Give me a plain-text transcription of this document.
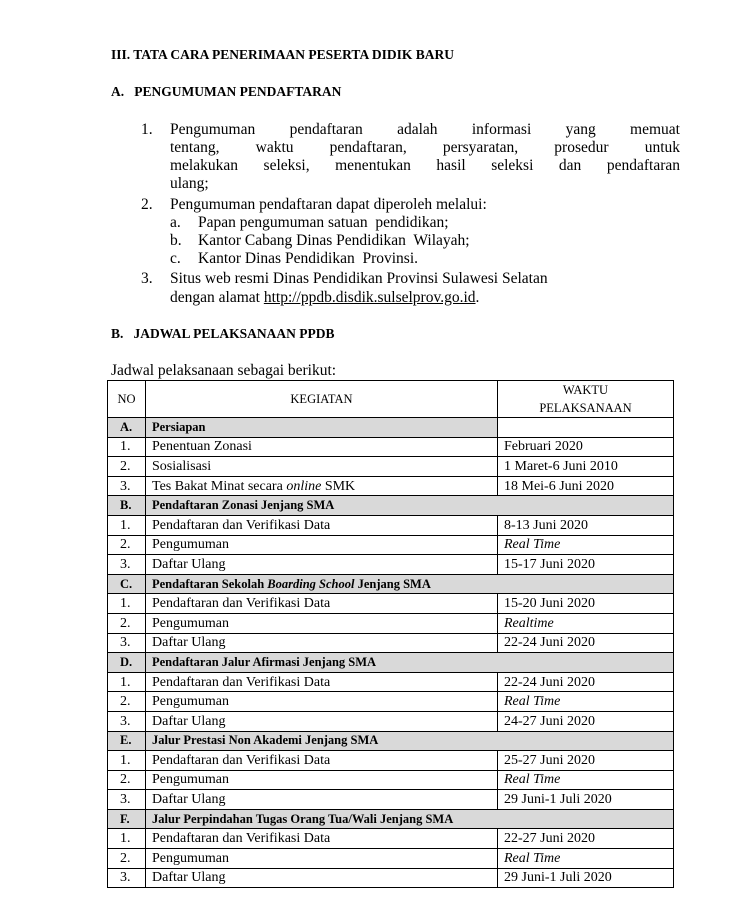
III. TATA CARA PENERIMAAN PESERTA DIDIK BARU
A.   PENGUMUMAN PENDAFTARAN
1. Pengumuman pendaftaran adalah informasi yang memuat
tentang, waktu pendaftaran, persyaratan, prosedur untuk
melakukan seleksi, menentukan hasil seleksi dan pendaftaran
ulang;
2. Pengumuman pendaftaran dapat diperoleh melalui:
a. Papan pengumuman satuan  pendidikan;
b. Kantor Cabang Dinas Pendidikan  Wilayah;
c. Kantor Dinas Pendidikan  Provinsi.
3. Situs web resmi Dinas Pendidikan Provinsi Sulawesi Selatan
dengan alamat http://ppdb.disdik.sulselprov.go.id.
B.   JADWAL PELAKSANAAN PPDB
Jadwal pelaksanaan sebagai berikut:
NO	KEGIATAN	WAKTU
PELAKSANAAN

A.	Persiapan	
1.	Penentuan Zonasi	Februari 2020
2.	Sosialisasi	1 Maret-6 Juni 2010
3.	Tes Bakat Minat secara online SMK	18 Mei-6 Juni 2020
B.	Pendaftaran Zonasi Jenjang SMA	
1.	Pendaftaran dan Verifikasi Data	8-13 Juni 2020
2.	Pengumuman	Real Time
3.	Daftar Ulang	15-17 Juni 2020
C.	Pendaftaran Sekolah Boarding School Jenjang SMA	
1.	Pendaftaran dan Verifikasi Data	15-20 Juni 2020
2.	Pengumuman	Realtime
3.	Daftar Ulang	22-24 Juni 2020
D.	Pendaftaran Jalur Afirmasi Jenjang SMA	
1.	Pendaftaran dan Verifikasi Data	22-24 Juni 2020
2.	Pengumuman	Real Time
3.	Daftar Ulang	24-27 Juni 2020
E.	Jalur Prestasi Non Akademi Jenjang SMA	
1.	Pendaftaran dan Verifikasi Data	25-27 Juni 2020
2.	Pengumuman	Real Time
3.	Daftar Ulang	29 Juni-1 Juli 2020
F.	Jalur Perpindahan Tugas Orang Tua/Wali Jenjang SMA	
1.	Pendaftaran dan Verifikasi Data	22-27 Juni 2020
2.	Pengumuman	Real Time
3.	Daftar Ulang	29 Juni-1 Juli 2020
